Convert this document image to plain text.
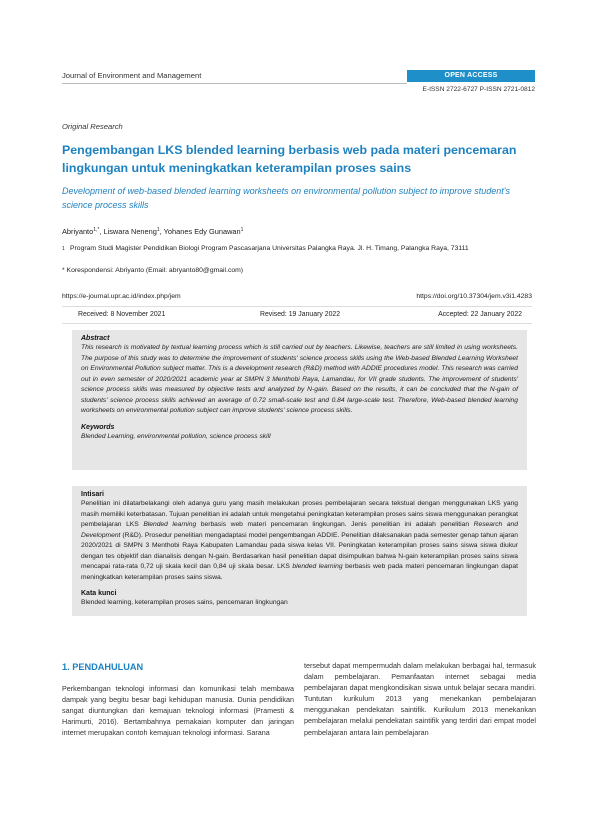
Journal of Environment and Management	OPEN ACCESS
E-ISSN 2722-6727 P-ISSN 2721-0812
Original Research
Pengembangan LKS blended learning berbasis web pada materi pencemaran lingkungan untuk meningkatkan keterampilan proses sains
Development of web-based blended learning worksheets on environmental pollution subject to improve student's science process skills
Abriyanto$^{1,*}$, Liswara Neneng$^1$, Yohanes Edy Gunawan$^1$
1 Program Studi Magister Pendidikan Biologi Program Pascasarjana Universitas Palangka Raya. Jl. H. Timang, Palangka Raya, 73111
* Korespondensi: Abriyanto (Email: abryanto80@gmail.com)
https://e-journal.upr.ac.id/index.php/jem	https://doi.org/10.37304/jem.v3i1.4283
Received: 8 November 2021	Revised: 19 January 2022	Accepted: 22 January 2022
Abstract
This research is motivated by textual learning process which is still carried out by teachers. Likewise, teachers are still limited in using worksheets. The purpose of this study was to determine the improvement of students' science process skills using the Web-based Blended Learning Worksheet on Environmental Pollution subject matter. This is a development research (R&D) method with ADDIE procedures model. This research was carried out in even semester of 2020/2021 academic year at SMPN 3 Menthobi Raya, Lamandau, for VII grade students. The improvement of students' science process skills was measured by objective tests and analyzed by N-gain. Based on the results, it can be concluded that the N-gain of students' science process skills achieved an average of 0.72 small-scale test and 0.84 large-scale test. Therefore, Web-based blended learning worksheets on environmental pollution subject can improve students' science process skills.
Keywords
Blended Learning, environmental pollution, science process skill
Intisari
Penelitian ini dilatarbelakangi oleh adanya guru yang masih melakukan proses pembelajaran secara tekstual dengan menggunakan LKS yang masih memiliki keterbatasan. Tujuan penelitian ini adalah untuk mengetahui peningkatan keterampilan proses sains siswa menggunakan perangkat pembelajaran LKS Blended learning berbasis web materi pencemaran lingkungan. Jenis penelitian ini adalah penelitian Research and Development (R&D). Prosedur penelitian mengadaptasi model pengembangan ADDIE. Penelitian dilaksanakan pada semester genap tahun ajaran 2020/2021 di SMPN 3 Menthobi Raya Kabupaten Lamandau pada siswa kelas VII. Peningkatan keterampilan proses sains siswa siswa diukur dengan tes objektif dan dianalisis dengan N-gain. Berdasarkan hasil penelitian dapat disimpulkan bahwa N-gain keterampilan proses sains siswa mencapai rata-rata 0,72 uji skala kecil dan 0,84 uji skala besar. LKS blended learning berbasis web pada materi pencemaran lingkungan dapat meningkatkan keterampilan proses sains siswa.
Kata kunci
Blended learning, keterampilan proses sains, pencemaran lingkungan
1. PENDAHULUAN
Perkembangan teknologi informasi dan komunikasi telah membawa dampak yang begitu besar bagi kehidupan manusia. Dunia pendidikan sangat diuntungkan dari kemajuan teknologi informasi (Pramesti & Harimurti, 2016). Bertambahnya pemakaian komputer dan jaringan internet merupakan contoh kemajuan teknologi informasi. Sarana
tersebut dapat mempermudah dalam melakukan berbagai hal, termasuk dalam pembelajaran. Pemanfaatan internet sebagai media pembelajaran dapat mengkondisikan siswa untuk belajar secara mandiri. Tuntutan kurikulum 2013 yang menekankan pembelajaran menggunakan pendekatan saintifik. Kurikulum 2013 menekankan pembelajaran melalui pendekatan saintifik yang terdiri dari empat model pembelajaran antara lain pembelajaran
